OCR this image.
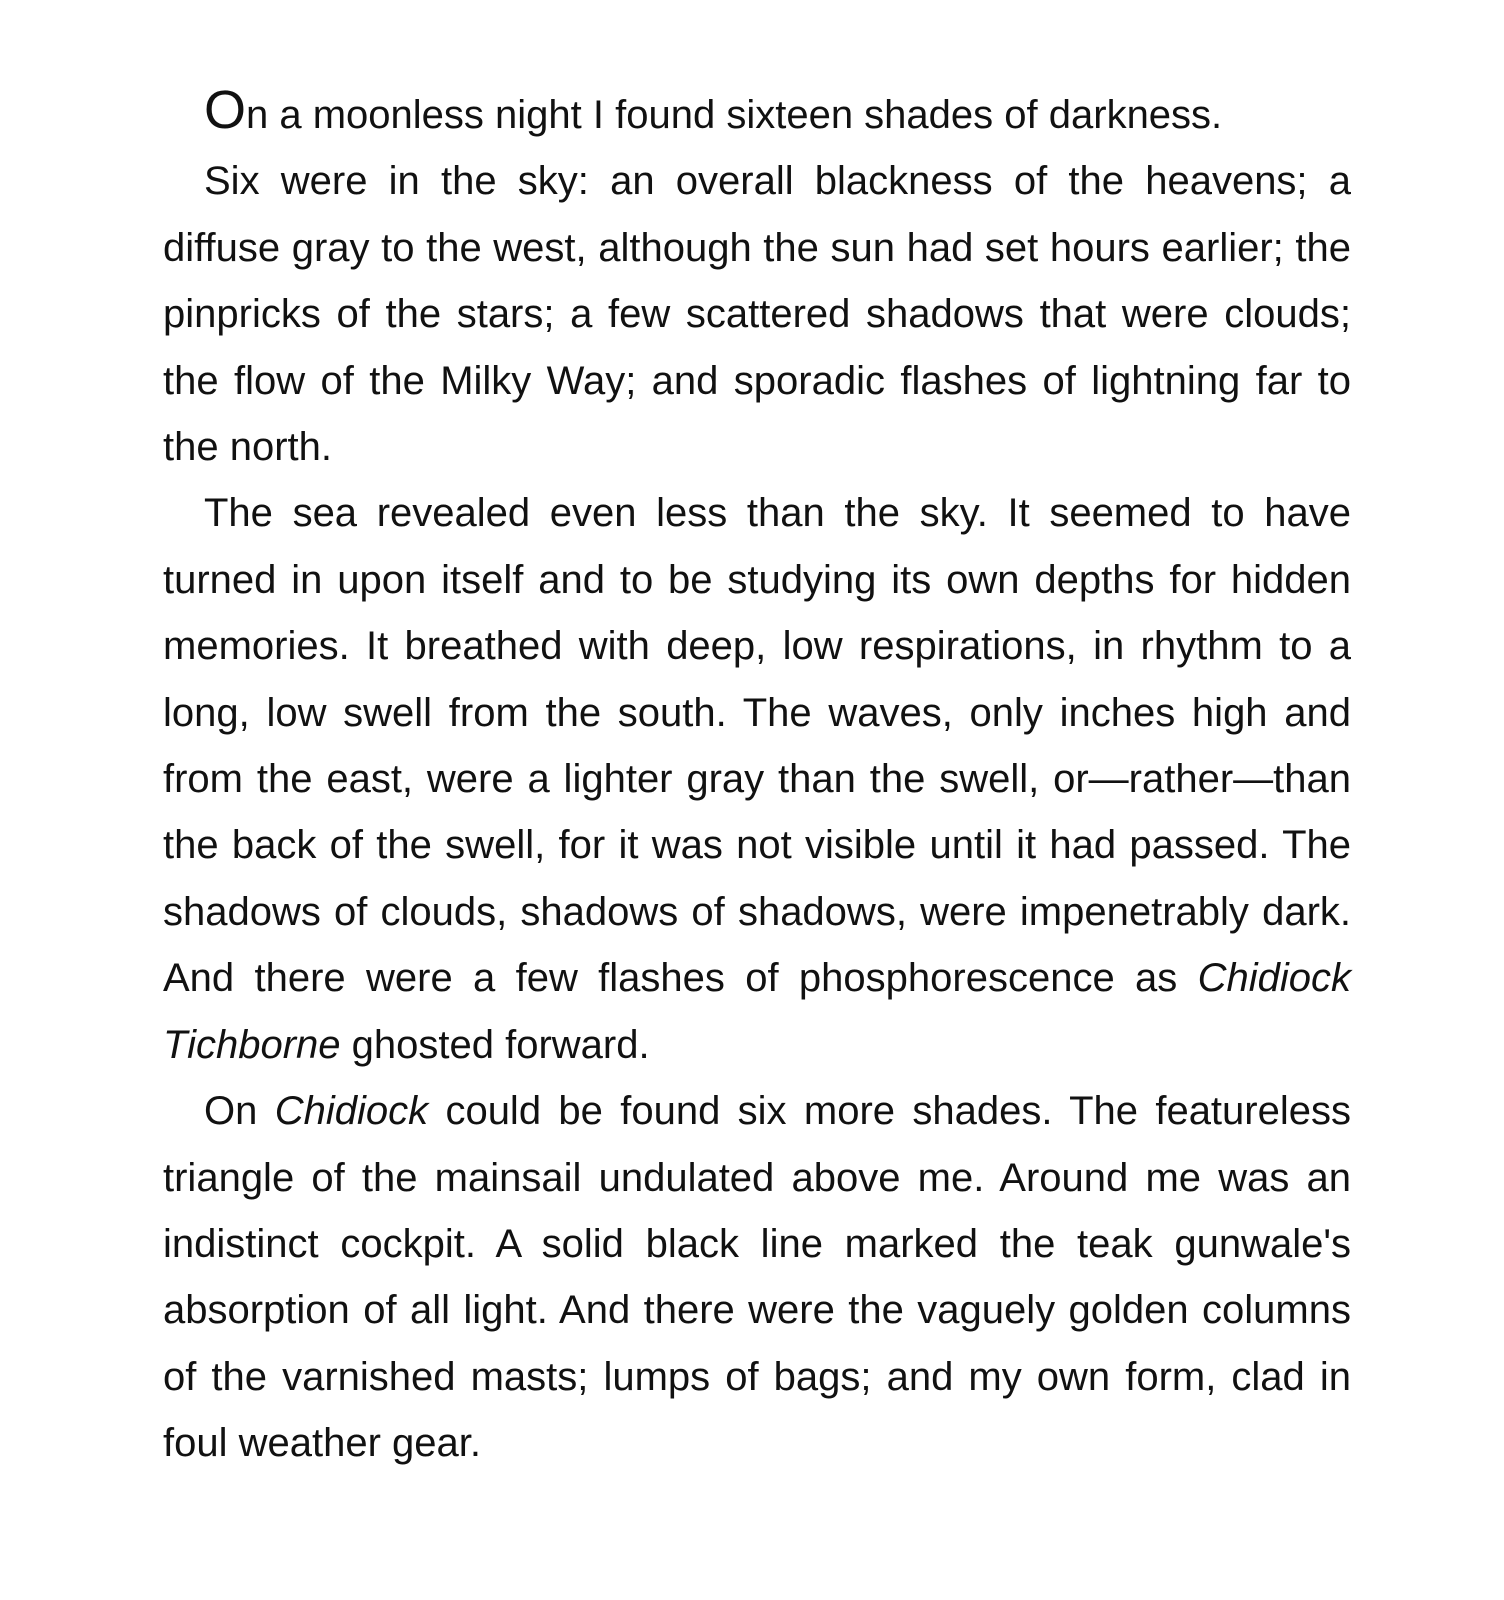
On a moonless night I found sixteen shades of darkness.

Six were in the sky: an overall blackness of the heavens; a diffuse gray to the west, although the sun had set hours earlier; the pinpricks of the stars; a few scattered shadows that were clouds; the flow of the Milky Way; and sporadic flashes of lightning far to the north.

The sea revealed even less than the sky. It seemed to have turned in upon itself and to be studying its own depths for hidden memories. It breathed with deep, low respirations, in rhythm to a long, low swell from the south. The waves, only inches high and from the east, were a lighter gray than the swell, or—rather—than the back of the swell, for it was not visible until it had passed. The shadows of clouds, shadows of shadows, were impenetrably dark. And there were a few flashes of phosphorescence as Chidiock Tichborne ghosted forward.

On Chidiock could be found six more shades. The featureless triangle of the mainsail undulated above me. Around me was an indistinct cockpit. A solid black line marked the teak gunwale's absorption of all light. And there were the vaguely golden columns of the varnished masts; lumps of bags; and my own form, clad in foul weather gear.
